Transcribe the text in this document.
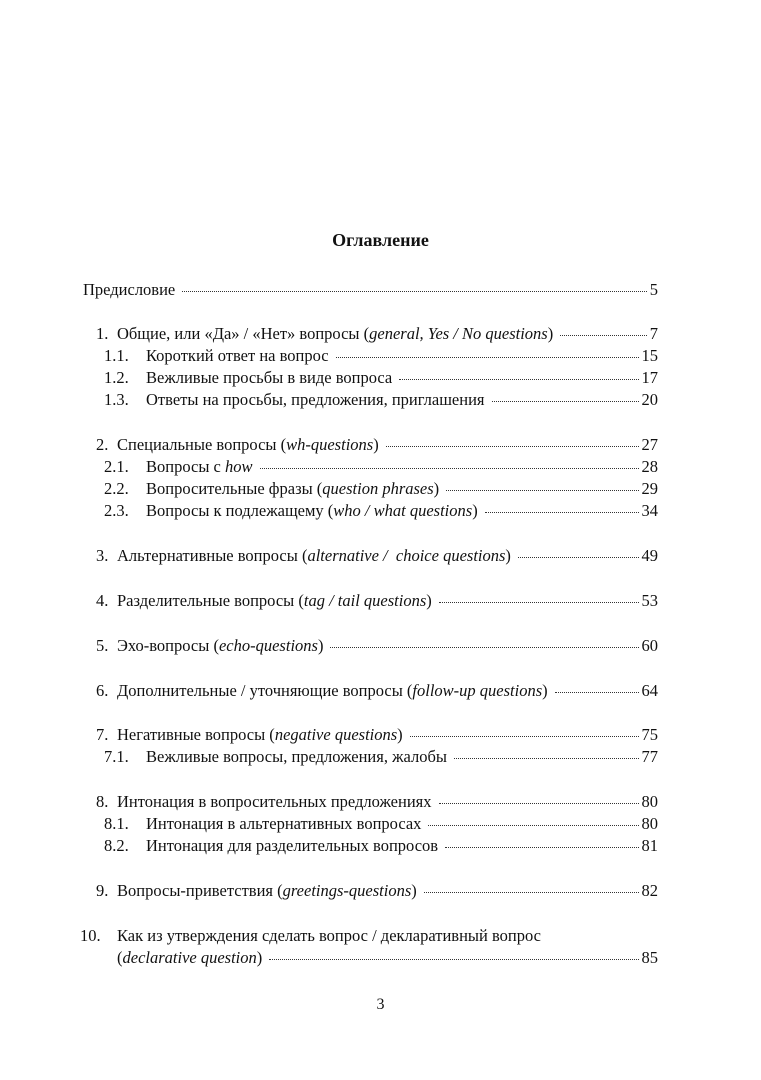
Оглавление
Предисловие	5
1. Общие, или «Да» / «Нет» вопросы (general, Yes / No questions)	7
1.1.	Короткий ответ на вопрос	15
1.2.	Вежливые просьбы в виде вопроса	17
1.3.	Ответы на просьбы, предложения, приглашения	20
2. Специальные вопросы (wh-questions)	27
2.1.	Вопросы с how	28
2.2.	Вопросительные фразы (question phrases)	29
2.3.	Вопросы к подлежащему (who / what questions)	34
3. Альтернативные вопросы (alternative /  choice questions)	49
4. Разделительные вопросы (tag / tail questions)	53
5. Эхо-вопросы (echo-questions)	60
6. Дополнительные / уточняющие вопросы (follow-up questions)	64
7. Негативные вопросы (negative questions)	75
7.1.	Вежливые вопросы, предложения, жалобы	77
8. Интонация в вопросительных предложениях	80
8.1.	Интонация в альтернативных вопросах	80
8.2.	Интонация для разделительных вопросов	81
9. Вопросы-приветствия (greetings-questions)	82
10. Как из утверждения сделать вопрос / декларативный вопрос
(declarative question)	85
3
